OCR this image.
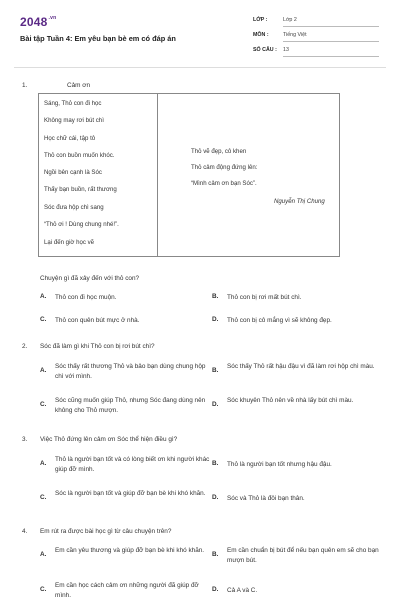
$2048^{.vn}$
Bài tập Tuần 4: Em yêu bạn bè em có đáp án
LỚP :	Lớp 2
MÔN :	Tiếng Việt
SỐ CÂU : 13
1.	Cảm ơn
Sáng, Thỏ con đi học
Không may rơi bút chì
Học chữ cái, tập tô
Thỏ con buồn muốn khóc.
Ngồi bên cạnh là Sóc
Thấy bạn buồn, rất thương
Sóc đưa hộp chì sang
“Thỏ ơi ! Dùng chung nhé!”.
Lại đến giờ học vẽ
Thỏ vẽ đẹp, cô khen
Thỏ cảm động đứng lên:
“Mình cảm ơn bạn Sóc”.
Nguyễn Thị Chung
Chuyện gì đã xảy đến với thỏ con?
A. Thỏ con đi học muộn.	B. Thỏ con bị rơi mất bút chì.
C. Thỏ con quên bút mực ở nhà.	D. Thỏ con bị cô mắng vì sẽ không đẹp.
2. Sóc đã làm gì khi Thỏ con bị rơi bút chì?
A.
Sóc thấy rất thương Thỏ và bảo bạn dùng chung hộp chì với mình.
B.
Sóc thấy Thỏ rất hậu đậu vì đã làm rơi hộp chì màu.
C.
Sóc cũng muốn giúp Thỏ, nhưng Sóc đang dùng nên không cho Thỏ mượn.
D.
Sóc khuyên Thỏ nên về nhà lấy bút chì màu.
3. Việc Thỏ đứng lên cảm ơn Sóc thể hiện điều gì?
A.
Thỏ là người bạn tốt và có lòng biết ơn khi người khác giúp đỡ mình.
B. Thỏ là người bạn tốt nhưng hậu đậu.
C.
Sóc là người bạn tốt và giúp đỡ bạn bè khi khó khăn.
D. Sóc và Thỏ là đôi bạn thân.
4. Em rút ra được bài học gì từ câu chuyện trên?
A.
Em cần yêu thương và giúp đỡ bạn bè khi khó khăn.
B.
Em cần chuẩn bị bút để nếu bạn quên em sẽ cho bạn mượn bút.
C.
Em cần học cách cảm ơn những người đã giúp đỡ mình.
D. Cả A và C.
